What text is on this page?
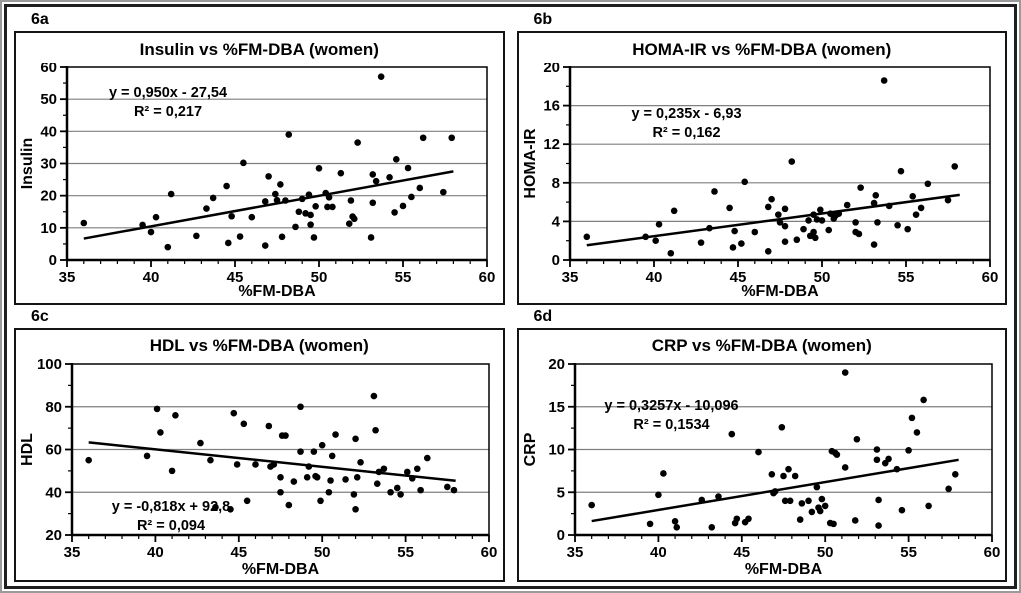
6a
Insulin vs %FM-DBA (women)
35	40	45	50	55	60
0
10
20
30
40
50
60
%FM-DBA
Insulin
y = 0,950x - 27,54
R² = 0,217
6b
HOMA-IR vs %FM-DBA (women)
35	40	45	50	55	60
0
4
8
12
16
20
%FM-DBA
HOMA-IR
y = 0,235x - 6,93
R² = 0,162
6c
HDL vs %FM-DBA (women)
35	40	45	50	55	60
20
40
60
80
100
%FM-DBA
HDL
y = -0,818x + 92,8
R² = 0,094
6d
CRP vs %FM-DBA (women)
35	40	45	50	55	60
0
5
10
15
20
%FM-DBA
CRP
y = 0,3257x - 10,096
R² = 0,1534
